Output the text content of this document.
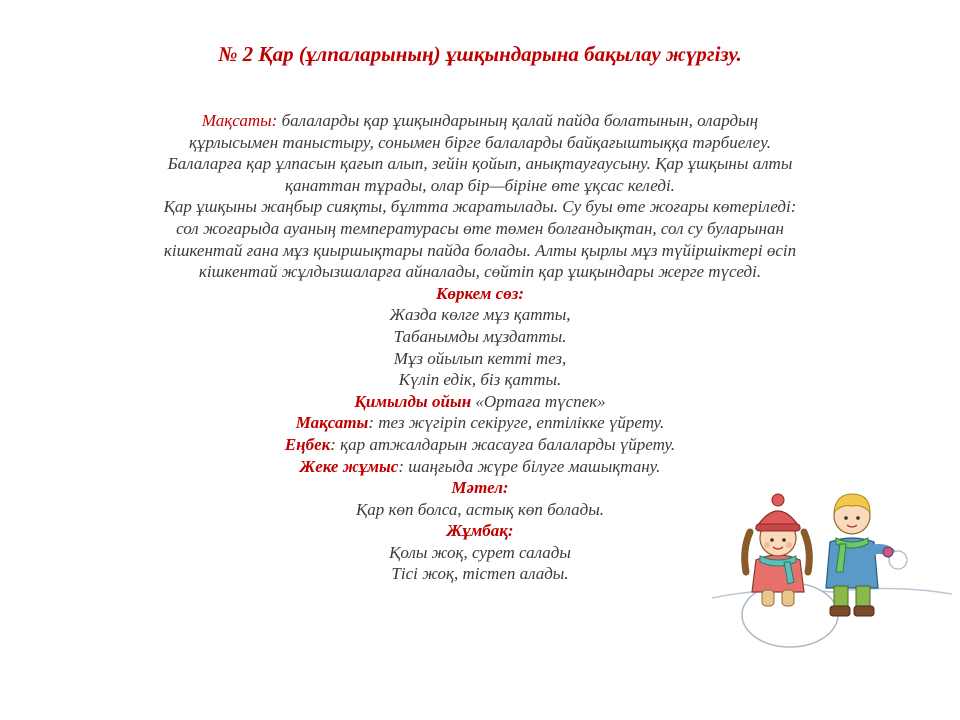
№ 2 Қар (ұлпаларының) ұшқындарына бақылау жүргізу.

Мақсаты: балаларды қар ұшқындарының қалай пайда болатынын, олардың

құрлысымен таныстыру, сонымен бірге балаларды байқағыштыққа тәрбиелеу.

Балаларға қар ұлпасын қағып алып, зейін қойып, анықтауғаусыну. Қар ұшқыны алты

қанаттан тұрады, олар бір—біріне өте ұқсас келеді.

Қар ұшқыны жаңбыр сияқты, бұлтта жаратылады. Су буы өте жоғары көтеріледі:

сол жоғарыда ауаның температурасы өте төмен болғандықтан, сол су буларынан

кішкентай ғана мұз қиыршықтары пайда болады. Алты қырлы мұз түйіршіктері өсіп

кішкентай жұлдызшаларға айналады, сөйтіп қар ұшқындары жерге түседі.

Көркем сөз:

Жазда көлге мұз қатты,

Табанымды мұздатты.

Мұз ойылып кетті тез,

Күліп едік, біз қатты.

Қимылды ойын «Ортаға түспек»

Мақсаты: тез жүгіріп секіруге, ептілікке үйрету.

Еңбек: қар атжалдарын жасауға балаларды үйрету.

Жеке жұмыс: шаңғыда жүре білуге машықтану.

Мәтел:

Қар көп болса, астық көп болады.

Жұмбақ:

Қолы жоқ, сурет салады

Тісі жоқ, тістеп алады.
